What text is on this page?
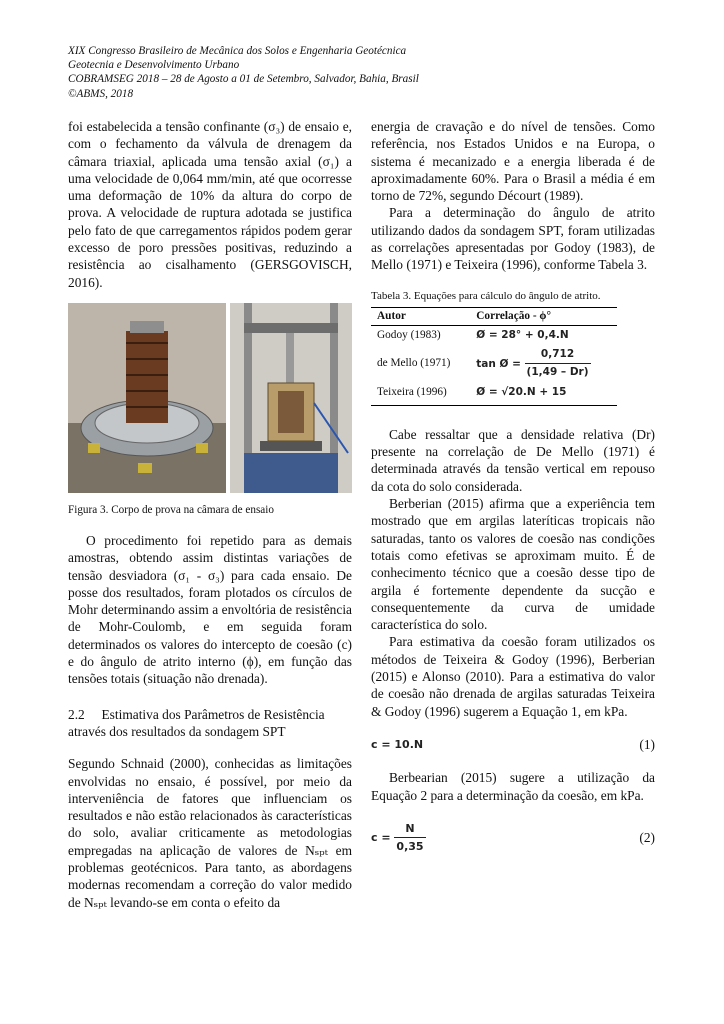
XIX Congresso Brasileiro de Mecânica dos Solos e Engenharia Geotécnica
Geotecnia e Desenvolvimento Urbano
COBRAMSEG 2018 – 28 de Agosto a 01 de Setembro, Salvador, Bahia, Brasil
©ABMS, 2018

foi estabelecida a tensão confinante (σ₃) de ensaio e, com o fechamento da válvula de drenagem da câmara triaxial, aplicada uma tensão axial (σ₁) a uma velocidade de 0,064 mm/min, até que ocorresse uma deformação de 10% da altura do corpo de prova. A velocidade de ruptura adotada se justifica pelo fato de que carregamentos rápidos podem gerar excesso de poro pressões positivas, reduzindo a resistência ao cisalhamento (GERSGOVISCH, 2016).

Figura 3. Corpo de prova na câmara de ensaio

O procedimento foi repetido para as demais amostras, obtendo assim distintas variações de tensão desviadora (σ₁ - σ₃) para cada ensaio. De posse dos resultados, foram plotados os círculos de Mohr determinando assim a envoltória de resistência de Mohr-Coulomb, e em seguida foram determinados os valores do intercepto de coesão (c) e do ângulo de atrito interno (ϕ), em função das tensões totais (situação não drenada).

2.2 Estimativa dos Parâmetros de Resistência através dos resultados da sondagem SPT

Segundo Schnaid (2000), conhecidas as limitações envolvidas no ensaio, é possível, por meio da interveniência de fatores que influenciam os resultados e não estão relacionados às características do solo, avaliar criticamente as metodologias empregadas na aplicação de valores de Nₛₚₜ em problemas geotécnicos. Para tanto, as abordagens modernas recomendam a correção do valor medido de Nₛₚₜ levando-se em conta o efeito da

energia de cravação e do nível de tensões. Como referência, nos Estados Unidos e na Europa, o sistema é mecanizado e a energia liberada é de aproximadamente 60%. Para o Brasil a média é em torno de 72%, segundo Décourt (1989).

Para a determinação do ângulo de atrito utilizando dados da sondagem SPT, foram utilizadas as correlações apresentadas por Godoy (1983), de Mello (1971) e Teixeira (1996), conforme Tabela 3.

Tabela 3. Equações para cálculo do ângulo de atrito.
Autor	Correlação - ϕ°
Godoy (1983)	Ø = 28° + 0,4.N
de Mello (1971)	tan Ø = $\frac{0,712}{(1,49 - Dr)}$

Teixeira (1996)	Ø = √20.N + 15

Cabe ressaltar que a densidade relativa (Dr) presente na correlação de De Mello (1971) é determinada através da tensão vertical em repouso da cota do solo considerada.

Berberian (2015) afirma que a experiência tem mostrado que em argilas lateríticas tropicais não saturadas, tanto os valores de coesão nas condições totais como efetivas se aproximam muito. É de conhecimento técnico que a coesão desse tipo de argila é fortemente dependente da sucção e consequentemente da curva de umidade característica do solo.

Para estimativa da coesão foram utilizados os métodos de Teixeira & Godoy (1996), Berberian (2015) e Alonso (2010). Para a estimativa do valor de coesão não drenada de argilas saturadas Teixeira & Godoy (1996) sugerem a Equação 1, em kPa.

c = 10.N	(1)

Berbearian (2015) sugere a utilização da Equação 2 para a determinação da coesão, em kPa.

$c = \frac{N}{0,35}$	(2)
